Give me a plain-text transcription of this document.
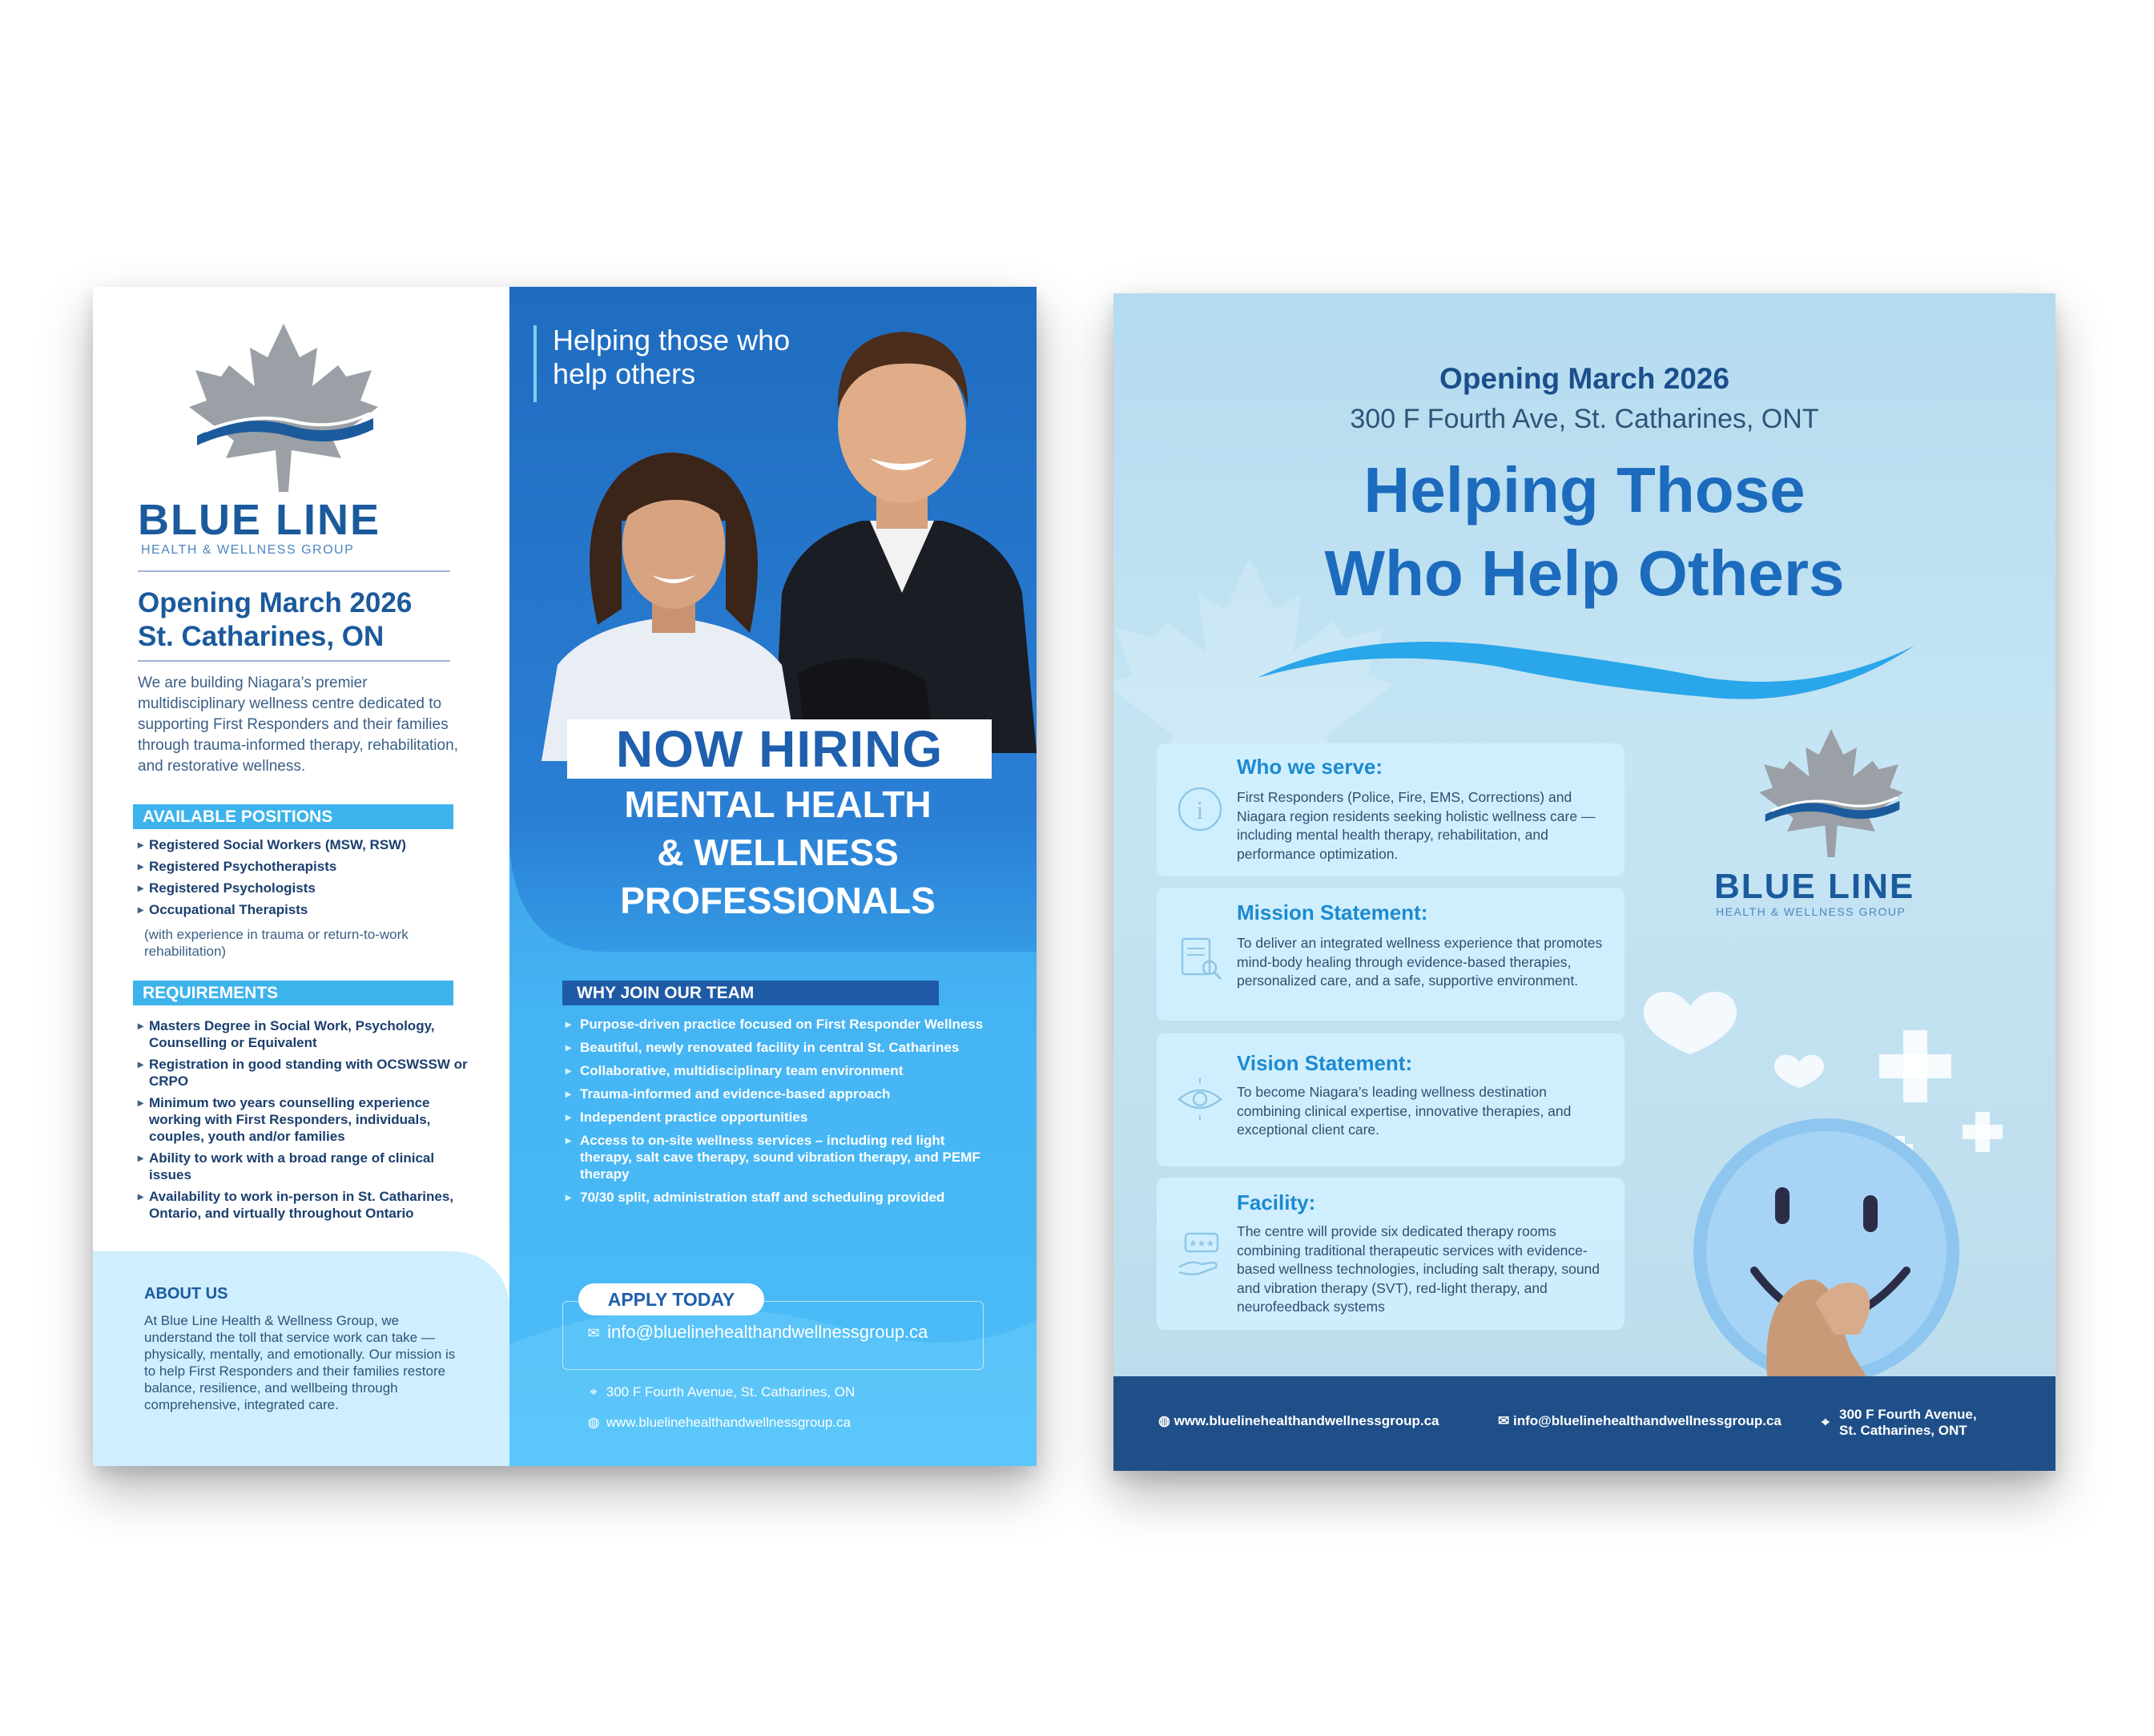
BLUE LINE
HEALTH & WELLNESS GROUP
Opening March 2026
St. Catharines, ON
We are building Niagara’s premier multidisciplinary wellness centre dedicated to supporting First Responders and their families through trauma-informed therapy, rehabilitation, and restorative wellness.
AVAILABLE POSITIONS
▸ Registered Social Workers (MSW, RSW)
▸ Registered Psychotherapists
▸ Registered Psychologists
▸ Occupational Therapists
(with experience in trauma or return-to-work rehabilitation)
REQUIREMENTS
▸ Masters Degree in Social Work, Psychology, Counselling or Equivalent
▸ Registration in good standing with OCSWSSW or CRPO
▸ Minimum two years counselling experience working with First Responders, individuals, couples, youth and/or families
▸ Ability to work with a broad range of clinical issues
▸ Availability to work in-person in St. Catharines, Ontario, and virtually throughout Ontario
ABOUT US
At Blue Line Health & Wellness Group, we understand the toll that service work can take — physically, mentally, and emotionally. Our mission is to help First Responders and their families restore balance, resilience, and wellbeing through comprehensive, integrated care.
Helping those who help others
NOW HIRING
MENTAL HEALTH
& WELLNESS
PROFESSIONALS
WHY JOIN OUR TEAM
▸ Purpose-driven practice focused on First Responder Wellness
▸ Beautiful, newly renovated facility in central St. Catharines
▸ Collaborative, multidisciplinary team environment
▸ Trauma-informed and evidence-based approach
▸ Independent practice opportunities
▸ Access to on-site wellness services – including red light therapy, salt cave therapy, sound vibration therapy, and PEMF therapy
▸ 70/30 split, administration staff and scheduling provided
APPLY TODAY
✉ info@bluelinehealthandwellnessgroup.ca
⌖ 300 F Fourth Avenue, St. Catharines, ON
◍ www.bluelinehealthandwellnessgroup.ca
Opening March 2026
300 F Fourth Ave, St. Catharines, ONT
Helping Those
Who Help Others
i
Who we serve:
First Responders (Police, Fire, EMS, Corrections) and Niagara region residents seeking holistic wellness care — including mental health therapy, rehabilitation, and performance optimization.
Mission Statement:
To deliver an integrated wellness experience that promotes mind-body healing through evidence-based therapies, personalized care, and a safe, supportive environment.
Vision Statement:
To become Niagara’s leading wellness destination combining clinical expertise, innovative therapies, and exceptional client care.
★★★
Facility:
The centre will provide six dedicated therapy rooms combining traditional therapeutic services with evidence-based wellness technologies, including salt therapy, sound and vibration therapy (SVT), red-light therapy, and neurofeedback systems
BLUE LINE
HEALTH & WELLNESS GROUP
◍ www.bluelinehealthandwellnessgroup.ca	✉ info@bluelinehealthandwellnessgroup.ca	⌖
300 F Fourth Avenue,
St. Catharines, ONT
